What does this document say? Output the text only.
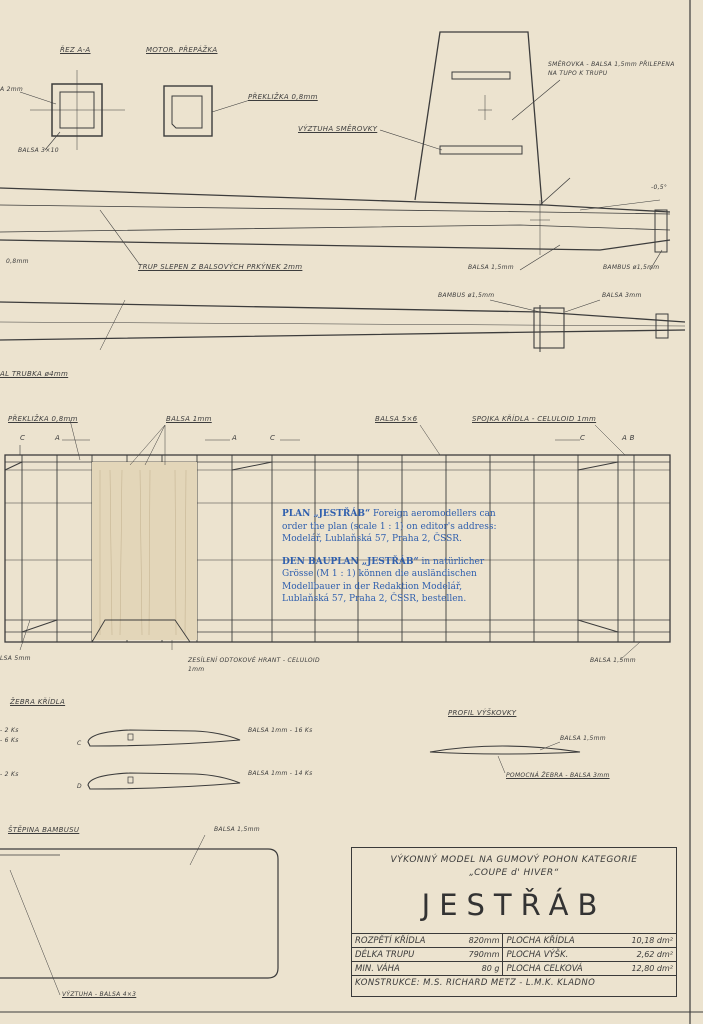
ŘEZ A-A	MOTOR. PŘEPÁŽKA
A 2mm
BALSA 3×10
PŘEKLIŽKA 0,8mm
VÝZTUHA SMĚROVKY
SMĚROVKA - BALSA 1,5mm PŘILEPENA NA TUPO K TRUPU
-0,5°
TRUP SLEPEN Z BALSOVÝCH PRKÝNEK 2mm
0,8mm
BALSA 1,5mm	BAMBUS ø1,5mm
BAMBUS ø1,5mm	BALSA 3mm
AL TRUBKA ø4mm
PŘEKLIŽKA 0,8mm	BALSA 1mm	BALSA 5×6	SPOJKA KŘÍDLA - CELULOID 1mm
C	A	A	C	C	A B
LSA 5mm	ZESÍLENÍ ODTOKOVÉ HRANT - CELULOID 1mm
BALSA 1,5mm
ŽEBRA KŘÍDLA
- 2 Ks
- 6 Ks
- 2 Ks
C
D
BALSA 1mm - 16 Ks
BALSA 1mm - 14 Ks
PROFIL VÝŠKOVKY
BALSA 1,5mm
POMOCNÁ ŽEBRA - BALSA 3mm
ŠTĚPINA BAMBUSU	BALSA 1,5mm
VÝZTUHA - BALSA 4×3

PLAN „JESTŘÁB“ Foreign aeromodellers can order the plan (scale 1 : 1) on editor's address: Modelář, Lublaňská 57, Praha 2, ČSSR.

DEN BAUPLAN „JESTŘÁB“ in natürlicher Grösse (M 1 : 1) können die ausländischen Modellbauer in der Redaktion Modelář, Lublaňská 57, Praha 2, ČSSR, bestellen.

VÝKONNÝ MODEL NA GUMOVÝ POHON KATEGORIE
„COUPE d' HIVER“
JESTŘÁB
ROZPĚTÍ KŘÍDLA	820mm	PLOCHA KŘÍDLA	10,18 dm²
DÉLKA TRUPU	790mm	PLOCHA VÝŠK.	2,62 dm²
MIN. VÁHA	80 g	PLOCHA CELKOVÁ	12,80 dm²
KONSTRUKCE: M.S. RICHARD METZ - L.M.K. KLADNO			
